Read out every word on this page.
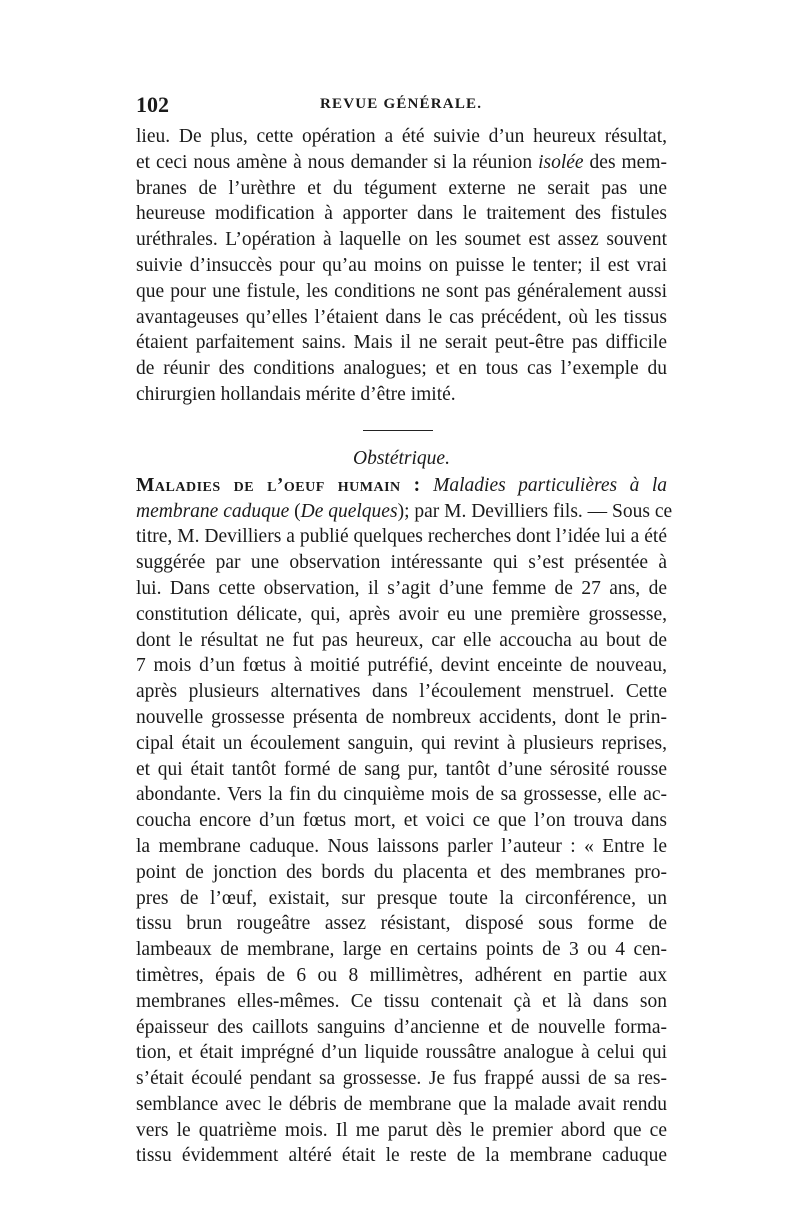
102	REVUE GÉNÉRALE.
lieu. De plus, cette opération a été suivie d’un heureux résultat,
et ceci nous amène à nous demander si la réunion isolée des mem-
branes de l’urèthre et du tégument externe ne serait pas une
heureuse modification à apporter dans le traitement des fistules
uréthrales. L’opération à laquelle on les soumet est assez souvent
suivie d’insuccès pour qu’au moins on puisse le tenter; il est vrai
que pour une fistule, les conditions ne sont pas généralement aussi
avantageuses qu’elles l’étaient dans le cas précédent, où les tissus
étaient parfaitement sains. Mais il ne serait peut-être pas difficile
de réunir des conditions analogues; et en tous cas l’exemple du
chirurgien hollandais mérite d’être imité.
Obstétrique.
Maladies de l’oeuf humain : Maladies particulières à la
membrane caduque (De quelques); par M. Devilliers fils. — Sous ce
titre, M. Devilliers a publié quelques recherches dont l’idée lui a été
suggérée par une observation intéressante qui s’est présentée à
lui. Dans cette observation, il s’agit d’une femme de 27 ans, de
constitution délicate, qui, après avoir eu une première grossesse,
dont le résultat ne fut pas heureux, car elle accoucha au bout de
7 mois d’un fœtus à moitié putréfié, devint enceinte de nouveau,
après plusieurs alternatives dans l’écoulement menstruel. Cette
nouvelle grossesse présenta de nombreux accidents, dont le prin-
cipal était un écoulement sanguin, qui revint à plusieurs reprises,
et qui était tantôt formé de sang pur, tantôt d’une sérosité rousse
abondante. Vers la fin du cinquième mois de sa grossesse, elle ac-
coucha encore d’un fœtus mort, et voici ce que l’on trouva dans
la membrane caduque. Nous laissons parler l’auteur : « Entre le
point de jonction des bords du placenta et des membranes pro-
pres de l’œuf, existait, sur presque toute la circonférence, un
tissu brun rougeâtre assez résistant, disposé sous forme de
lambeaux de membrane, large en certains points de 3 ou 4 cen-
timètres, épais de 6 ou 8 millimètres, adhérent en partie aux
membranes elles-mêmes. Ce tissu contenait çà et là dans son
épaisseur des caillots sanguins d’ancienne et de nouvelle forma-
tion, et était imprégné d’un liquide roussâtre analogue à celui qui
s’était écoulé pendant sa grossesse. Je fus frappé aussi de sa res-
semblance avec le débris de membrane que la malade avait rendu
vers le quatrième mois. Il me parut dès le premier abord que ce
tissu évidemment altéré était le reste de la membrane caduque
